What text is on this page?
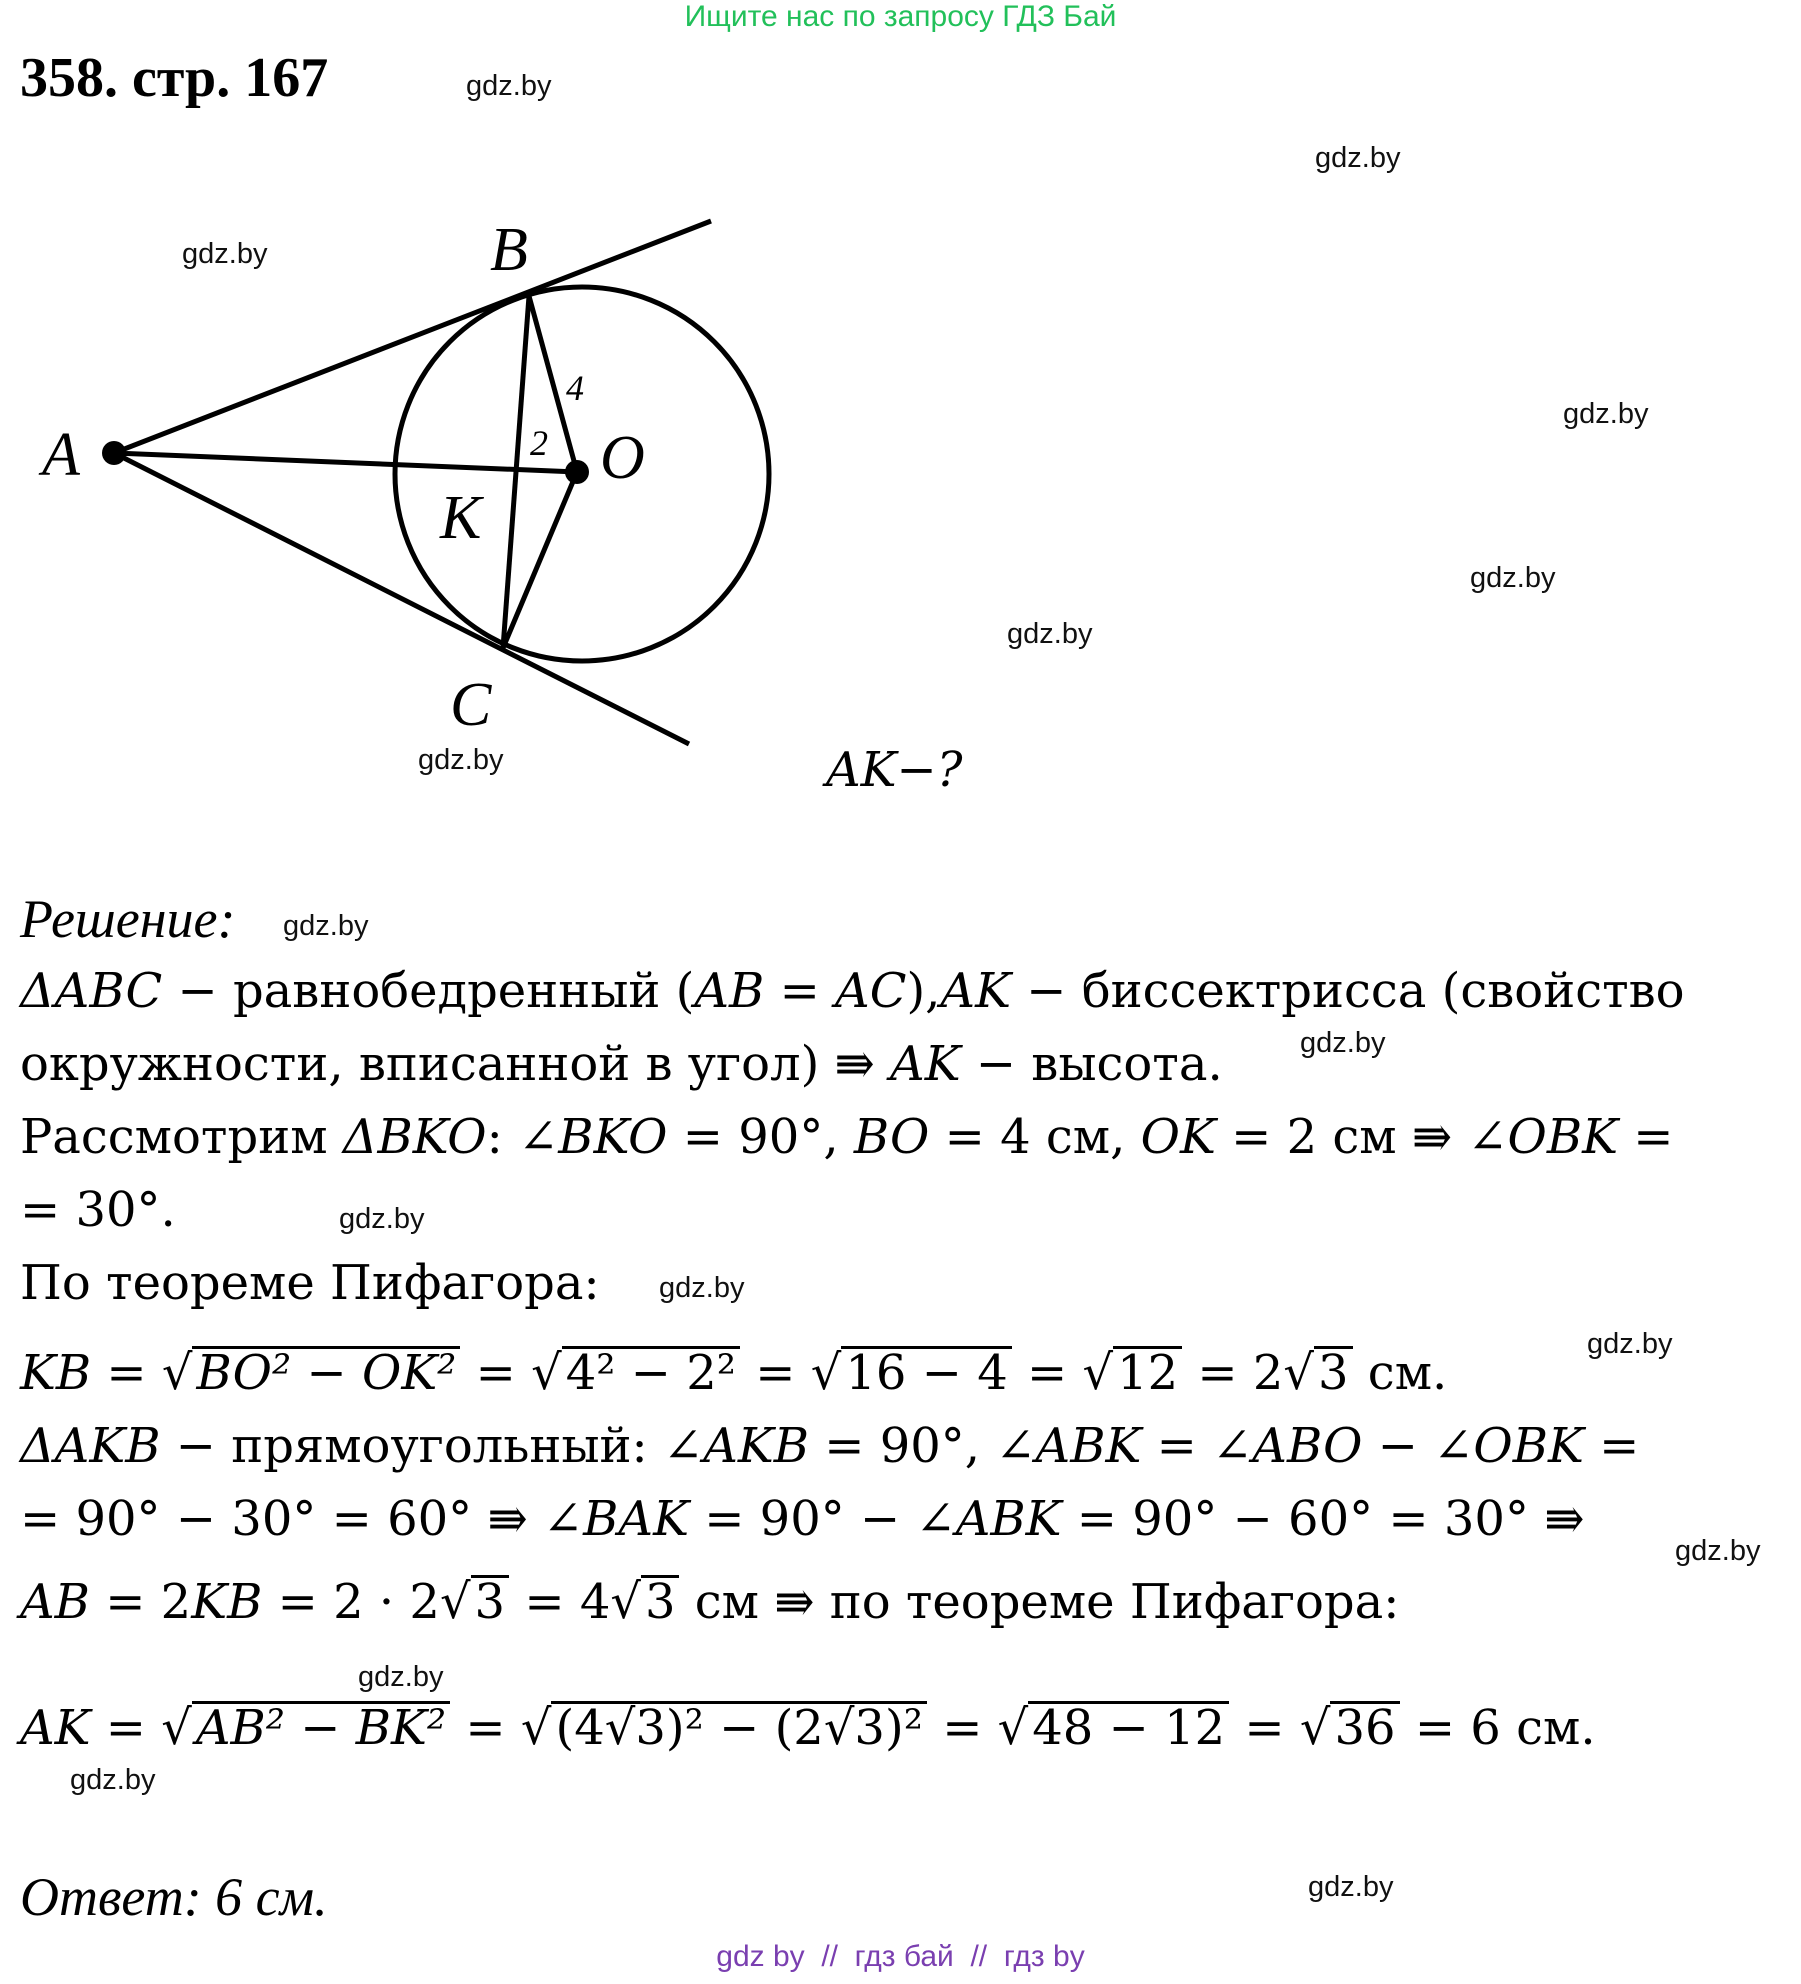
Ищите нас по запросу ГДЗ Бай
358. стр. 167	gdz.by
gdz.by
gdz.by
gdz.by
gdz.by
gdz.by
gdz.by
gdz.by
gdz.by
gdz.by
gdz.by
gdz.by
gdz.by
gdz.by
gdz.by
gdz.by
A
B
C
O
K
4
2
AK−?
Решение:
ΔABC − равнобедренный (AB = AC),AK − биссектрисса (свойство
окружности, вписанной в угол) ⇛ AK − высота.
Рассмотрим ΔBKO: ∠BKO = 90°, BO = 4 см, OK = 2 см ⇛ ∠OBK =
= 30°.
По теореме Пифагора:
KB = √BO² − OK² = √4² − 2² = √16 − 4 = √12 = 2√3 см.
ΔAKB − прямоугольный: ∠AKB = 90°, ∠ABK = ∠ABO − ∠OBK =
= 90° − 30° = 60° ⇛ ∠BAK = 90° − ∠ABK = 90° − 60° = 30° ⇛
AB = 2KB = 2 · 2√3 = 4√3 см ⇛ по теореме Пифагора:
AK = √AB² − BK² = √(4√3)² − (2√3)² = √48 − 12 = √36 = 6 см.
Ответ: 6 см.
gdz by  //  гдз бай  //  гдз by
